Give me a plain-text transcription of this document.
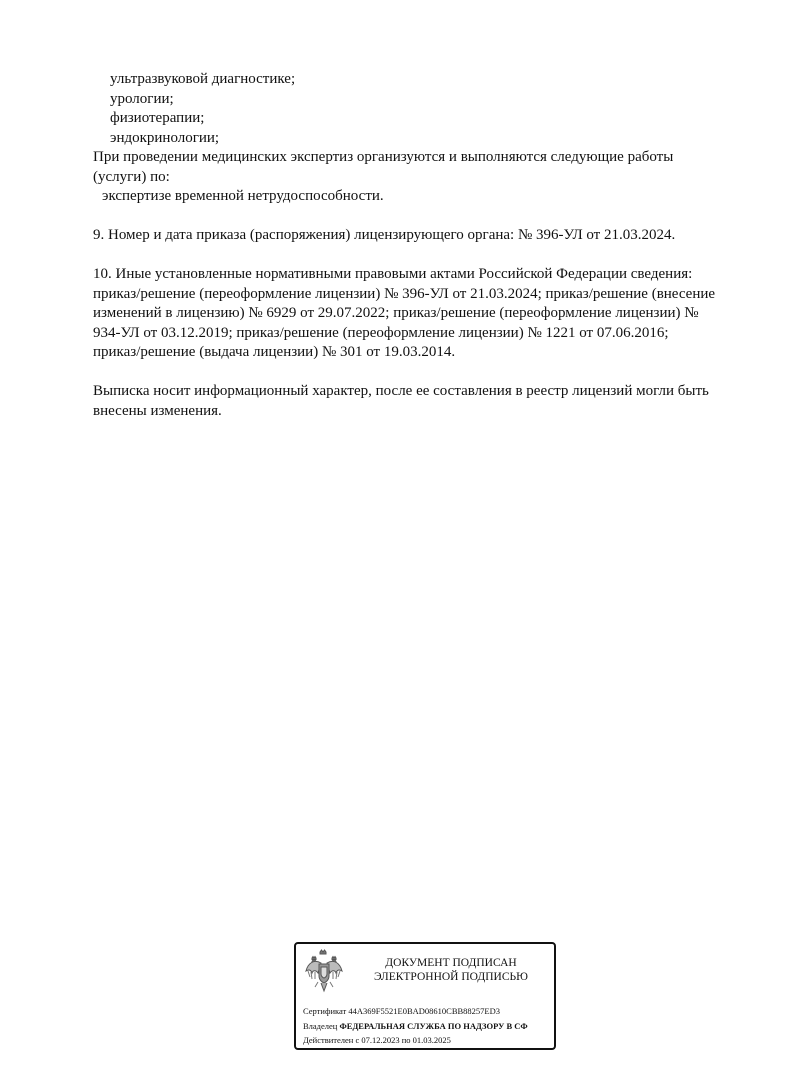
ультразвуковой диагностике;
урологии;
физиотерапии;
эндокринологии;
При проведении медицинских экспертиз организуются и выполняются следующие работы
(услуги) по:
экспертизе временной нетрудоспособности.
9. Номер и дата приказа (распоряжения) лицензирующего органа: № 396-УЛ от 21.03.2024.
10. Иные установленные нормативными правовыми актами Российской Федерации сведения:
приказ/решение (переоформление лицензии) № 396-УЛ от 21.03.2024; приказ/решение (внесение
изменений в лицензию) № 6929 от 29.07.2022; приказ/решение (переоформление лицензии) №
934-УЛ от 03.12.2019; приказ/решение (переоформление лицензии) № 1221 от 07.06.2016;
приказ/решение (выдача лицензии) № 301 от 19.03.2014.
Выписка носит информационный характер, после ее составления в реестр лицензий могли быть
внесены изменения.
ДОКУМЕНТ ПОДПИСАН
ЭЛЕКТРОННОЙ ПОДПИСЬЮ
Сертификат 44A369F5521E0BAD08610CBB88257ED3
Владелец ФЕДЕРАЛЬНАЯ СЛУЖБА ПО НАДЗОРУ В СФ
Действителен с 07.12.2023 по 01.03.2025
